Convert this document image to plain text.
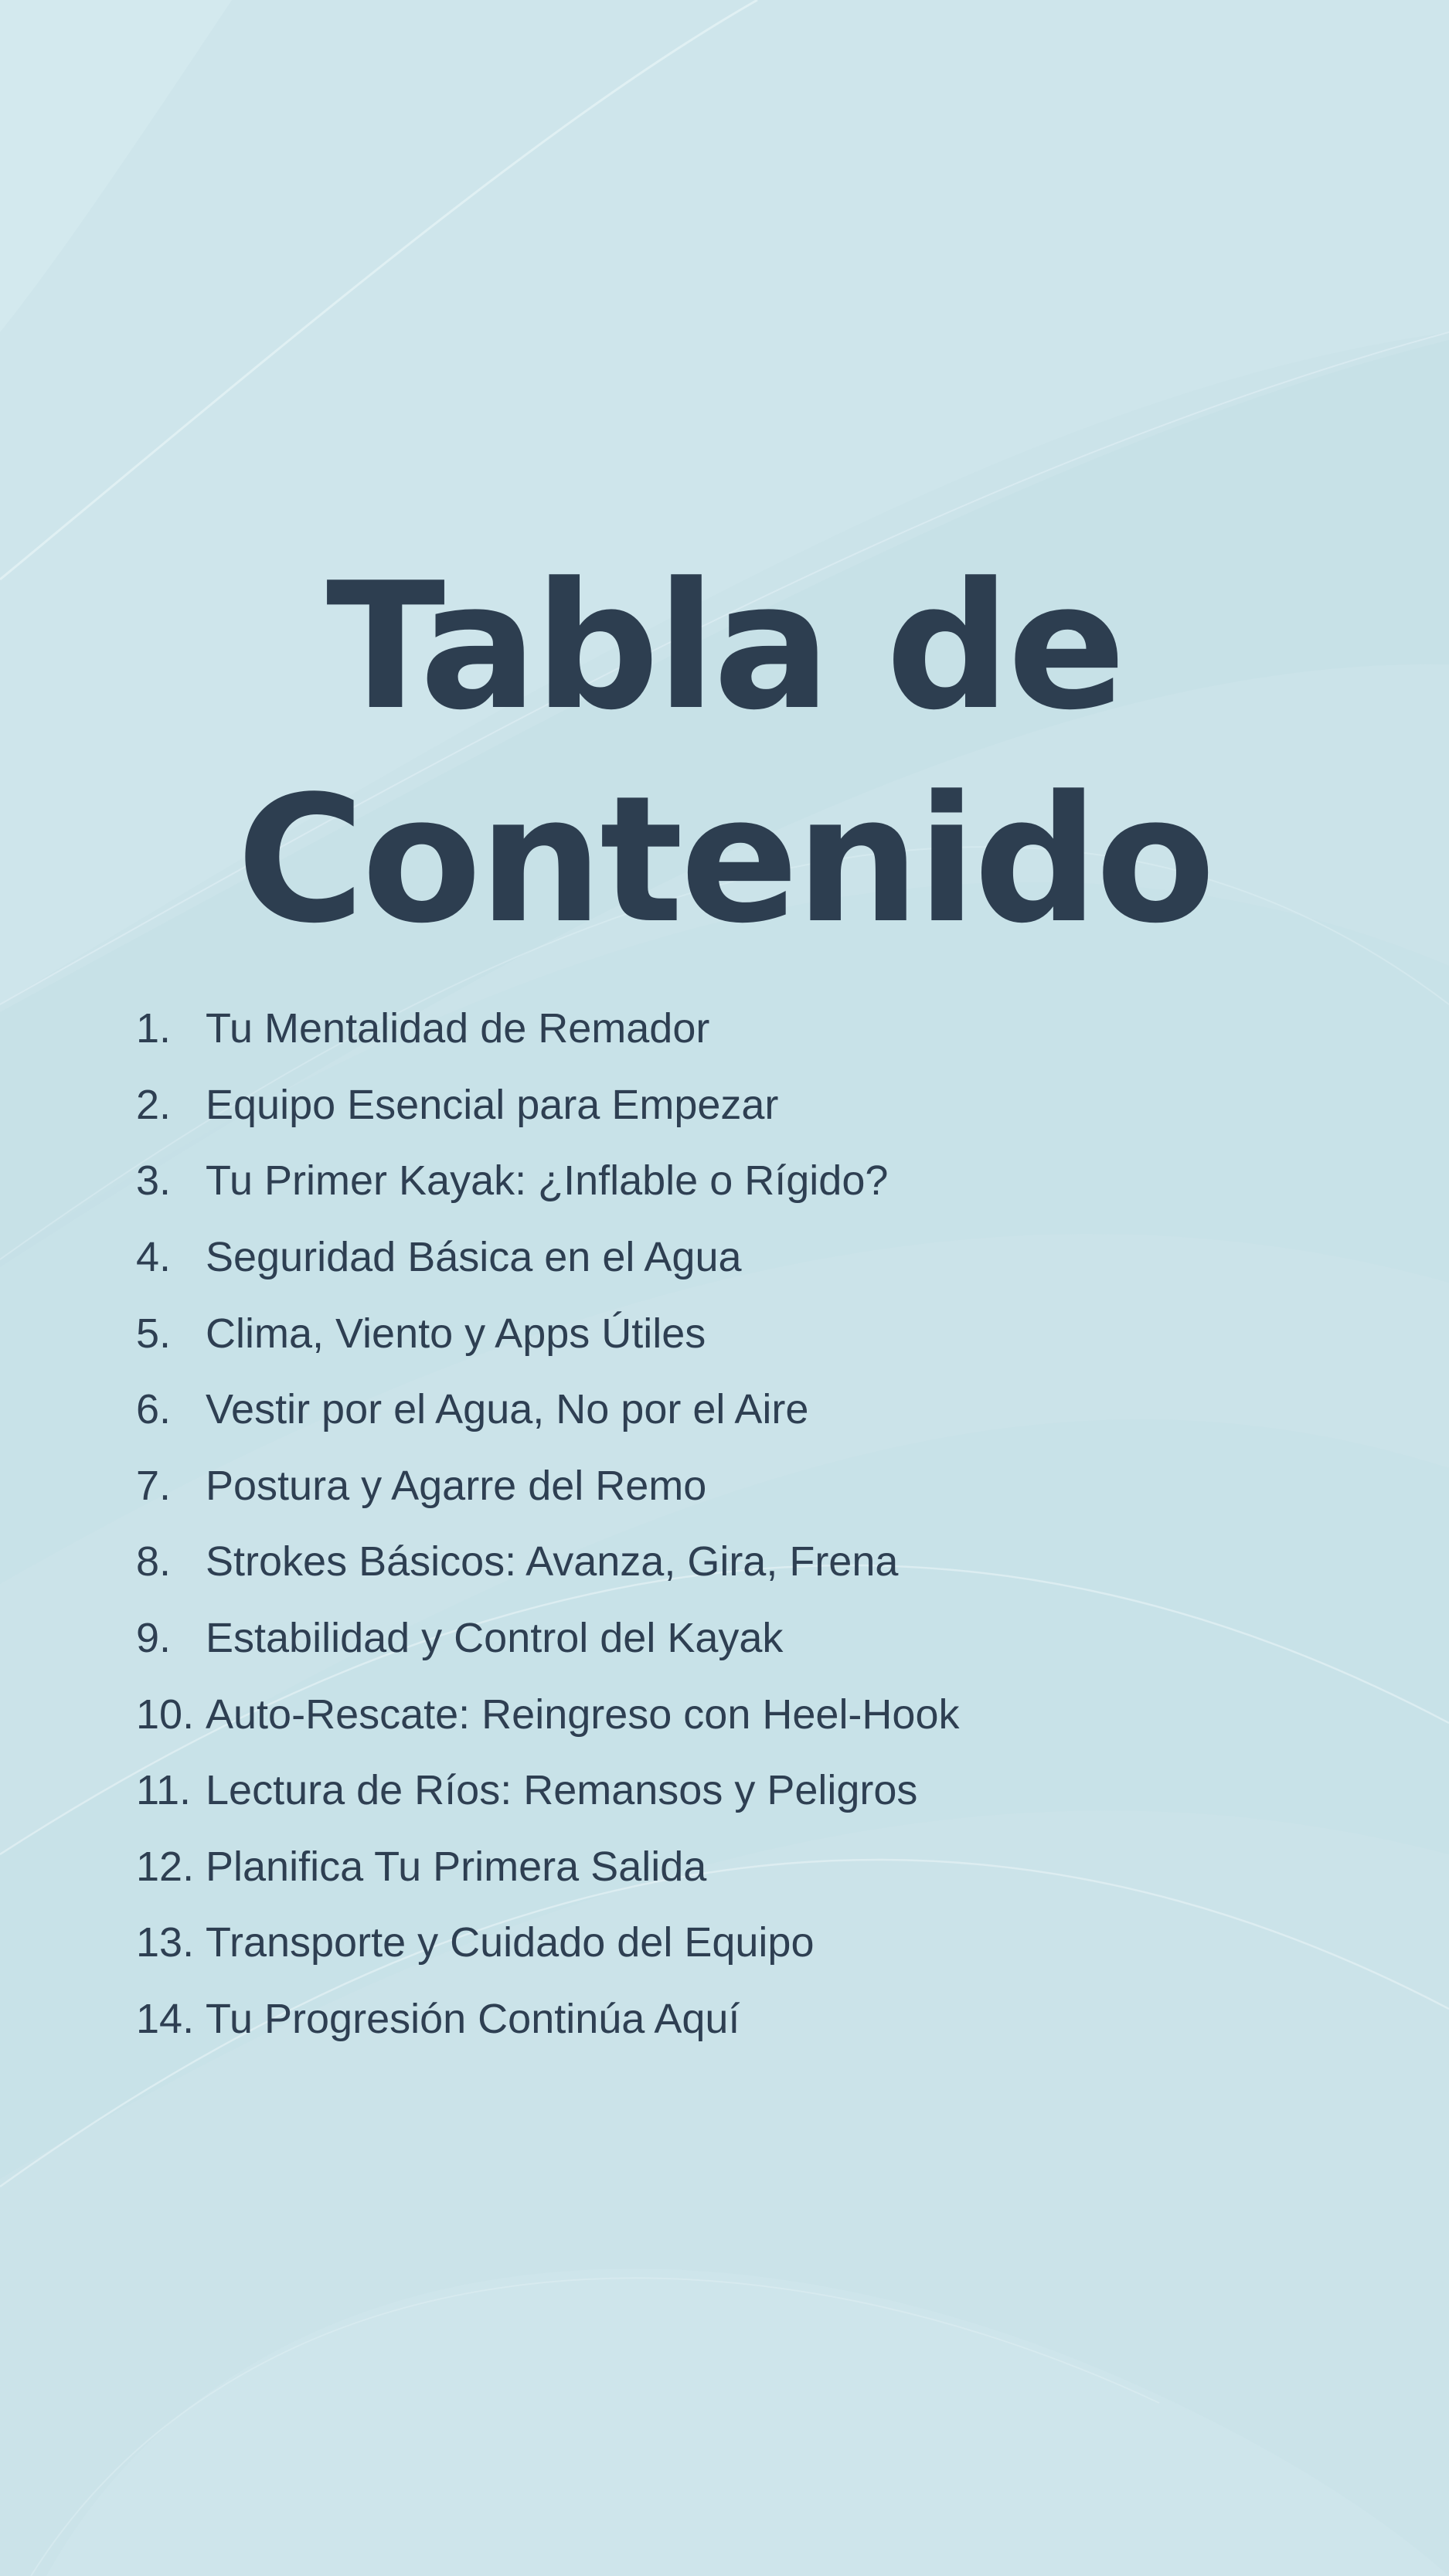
Tabla de
Contenido
1. Tu Mentalidad de Remador
2. Equipo Esencial para Empezar
3. Tu Primer Kayak: ¿Inflable o Rígido?
4. Seguridad Básica en el Agua
5. Clima, Viento y Apps Útiles
6. Vestir por el Agua, No por el Aire
7. Postura y Agarre del Remo
8. Strokes Básicos: Avanza, Gira, Frena
9. Estabilidad y Control del Kayak
10. Auto-Rescate: Reingreso con Heel-Hook
11. Lectura de Ríos: Remansos y Peligros
12. Planifica Tu Primera Salida
13. Transporte y Cuidado del Equipo
14. Tu Progresión Continúa Aquí
